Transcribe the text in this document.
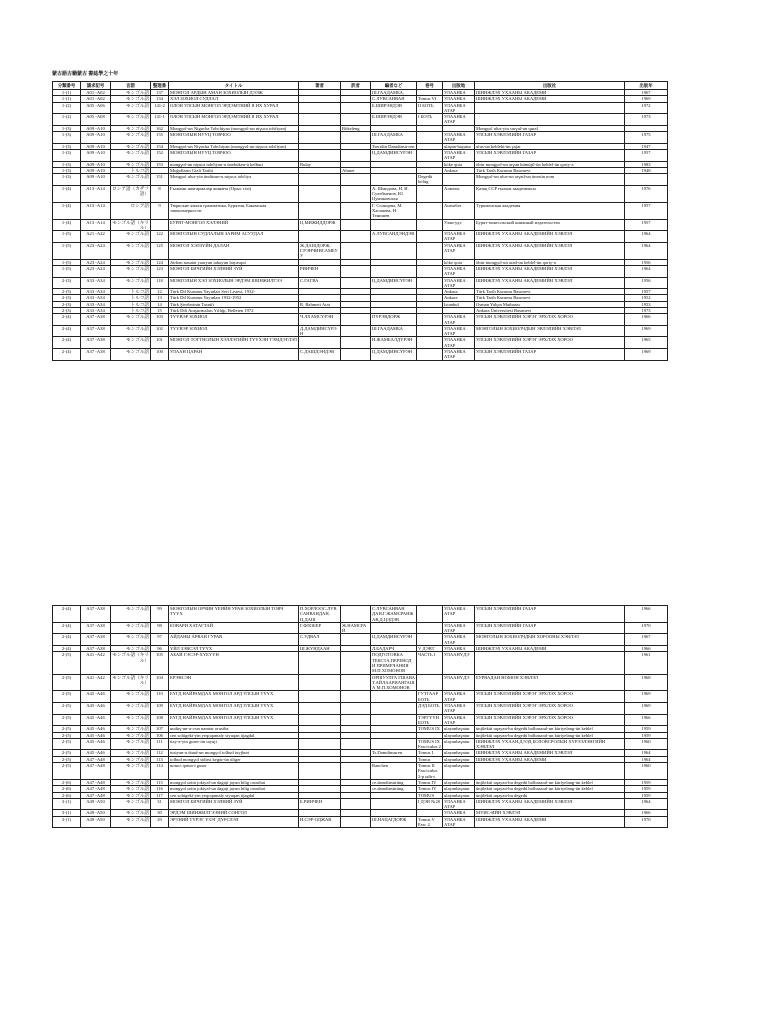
蒙古語古籍蒙古 書誌學之十年
分類番号	請求記号	言語	整理番	タイトル	著者	訳者	編者など	巻号	出版地	出版社	出版年
1-(1)	A01 -A02	モンゴル語	137	МОНГОЛ АРДЫН АМАН ЗОХИОЛЫН ДЭЭЖ			Ш.ГААДАМБА,		УЛААНБА	ШИНЖЛЭХ УХААНЫ АКАДЕМИ	1967
1-(1)	A01 -A02	モンゴル語	134	ХЭЛ ЗОХИОЛ СУДЛАЛ			С.ЛУВСАНВАН	Tomus VI	УЛААНБА	ШИНЖЛЭХ УХААНЫ АКАДЕМИ	1969
1-(2)	A05 -A06	モンゴル語	141-2	ОЛОН УЛСЫН МОНГОЛ ЭРДЭМТНИЙ II ИХ ХУРАЛ			Б.ШИРЭНДЭВ	II БОТЬ	УЛААНБА АТАР		1972
1-(2)	A05 -A08	モンゴル語	141-1	ОЛОН УЛСЫН МОНГОЛ ЭРДЭМТНИЙ II ИХ ХУРАЛ			Б.ШИРЭНДЭВ	I БОТЬ	УЛААНБА АТАР		1973
1-(3)	A09 -A10	モンゴル語	162	Mongγol-un Nigucha Tobchiyan (mongγol-un niγuca tobčiyan)		Bökeleng				Mongγol ulus-yin surγul-un qural	
1-(3)	A09 -A10	モンゴル語	155	МОНГОЛЫН НУУЦ ТОВЧОО			Ш.ГААДАМБА		УЛААНБА АТАР	УЛСЫН ХЭВЛЭЛИЙН ГАЗАР	1975
1-(3)	A09 -A10	モンゴル語	154	Mongγol-un Niγucha Tobchiyan (mongγol-un niγuca tobčiyan)			Tseridin Damdinsü-ren		ulaγan-baγatur	ulus-un keblelü-ün γajar	1947
1-(3)	A09 -A10	モンゴル語	152	МОНГОЛЫН НУУЦ ТОВЧОО			Ц.ДАМДИНСҮРЭН		УЛААНБА АТАР	УЛСЫН ХЭВЛЭЛИЙН ГАЗАР	1957
1-(3)	A09 -A10	モンゴル語	153	mongγol-un niγuca tobčiyan-u üneküken-ü kelburi	Bulay				köke qota	öbür mongγol-un arγun kümüjil-ün keblel-ün qoriy-a	1983
1-(3)	A09 -A10	トルコ語		Moğolların Gizli Tarihi		Ahmet			Ankara	Türk Tarih Kurumu Basımevi	1948
1-(3)	A09 -A10	モンゴル語	151	Mongγol ulus-yin ündüsun-u niγuca tobčiya				Degedü bölüg		Mongγol-un ulus-un arγad-un ünesün nom	
1-(4)	A13 -A14	ロシア語（カザフ語）	8	Ғылыми шығармалар жинағы (Орыс тілі)			А. Шмидова, Н. И. Сулейменов, Ю. Цумиковская		Алматы	Қазақ ССР ғылым академиясы	1976
1-(4)	A13 -A14	ロシア語	9	Тюркские языки грамматика, Бурятия, Бакинская закономерности			Г. Солнцева, М. Хасанова, Н. Тенишев		Ашхабат	Туркменская академия	1957
1-(4)	A13 -A14	モンゴル語（キリル）		БУРЯТ-МОНГОЛ ХЭЛЭНИЙ	Ц.МИЖИДДОРЖ				Улан-удэ	Бурят-монгольский книжный издательство	1957
1-(5)	A21 -A22	モンゴル語	122	МОНГОЛЫН СУДЛАЛЫН ЗАРИМ АСУУДАЛ			А.ЛУВСАНДЭНДЭВ		УЛААНБА АТАР	ШИНЖЛЭХ УХААНЫ АКАДЕМИЙН ХЭВЛЭЛ	1964
1-(5)	A23 -A24	モンゴル語	125	МОНГОЛ ХЭЛЗҮЙН ДАЛАН	Ж.ДАШДОРЖ, Г.РЭНЧИНСАМБУУ				УЛААНБА АТАР	ШИНЖЛЭХ УХААНЫ АКАДЕМИЙН ХЭВЛЭЛ	1964
1-(5)	A23 -A24	モンゴル語	124	Jiirban nasatai yaaryun tahuyun bayasqui					köke qota	öbür mongγol-un arad-un keblel-ün qoriy-a	1956
1-(5)	A23 -A24	モンゴル語	123	МОНГОЛ БИЧГИЙН ХЭЛНИЙ ЗҮЙ	РИНЧЕН				УЛААНБА АТАР	ШИНЖЛЭХ УХААНЫ АКАДЕМИЙН ХЭВЛЭЛ	1964
2-(3)	A33 -A34	モンゴル語	118	МОНГОЛЫН ХЭЛ ЗОХИОЛЫН ЭРДЭМ ШИНЖИЛГЭЭ	С.ГАГВА		Ц.ДАМДИНСҮРЭН		УЛААНБА АТАР	ШИНЖЛЭХ УХААНЫ АКАДЕМИЙН ХЭВЛЭЛ	1956
2-(3)	A33 -A34	トルコ語	12	Türk Dil Kurumu Yayınları Seri Listesi, 1932-					Ankara	Türk Tarih Kurumu Basımevi	1957
2-(3)	A33 -A34	トルコ語	13	Türk Dil Kurumu Yayınları 1932-1952					Ankara	Türk Tarih Kurumu Basımevi	1952
2-(3)	A33 -A34	トルコ語	14	Türk Şivelerinin Tasnifi	R. Rahmeti Arat				Istanbul	Osman Yalçın Matbaası	1953
2-(3)	A33 -A34	トルコ語	15	Türk Dili Araştırmaları Yıllığı, Belleten 1972						Ankara Üniversitesi Basımevi	1973
2-(4)	A37 -A38	モンゴル語	103	ТҮҮВЭР ЗОХИОЛ	Ч.ЛХАМСҮРЭН		ПҮРЭВДОРЖ		УЛААНБА АТАР	УЛСЫН ХЭВЛЭЛИЙН ХЭРЭГ ЭРХЛЭХ ХОРОО	1966
2-(4)	A37 -A38	モンゴル語	102	ТҮҮВЭР ЗОХИОЛ	Д.ДАМДИНСҮРЭН		Ш.ГААДАМБА		УЛААНБА АТАР	МОНГОЛЫН ЗОХИОЛЧДЫН ЭВЛЭЛИЙН ХЭВЛЭЛ	1969
2-(4)	A37 -A38	モンゴル語	101	МОНГОЛ ТОГТНОЛЫН ХЭЛЛЭГИЙН ТҮҮХЭН ТЭМДЭГЛЭЛ			Н.ЖАМБАЛДҮРЭН		УЛААНБА АТАР	УЛСЫН ХЭВЛЭЛИЙН ХЭРЭГ ЭРХЛЭХ ХОРОО	1965
2-(4)	A37 -A38	モンゴル語	100	УЛААН ЦАРАН	С.ДАШДЭНДЭВ		Ц.ДАМДИНСҮРЭН		УЛААНБА АТАР	УЛСЫН ХЭВЛЭЛИЙН ГАЗАР	1969
2-(4)	A37 -A38	モンゴル語	99	МОНГОЛЫН ОРЧИН ҮЕИЙН УРАН ЗОХИОЛЫН ТОВЧ ТҮҮХ	П.ХОРЛООС.ЛУВСАНВАНДАН, Ц.ДАШ		С.ЛУВСАНВАН ДАН,Г.ЖАМСРАНЖАВ,Д.ЦЭДЭВ		УЛААНБА АТАР	УЛСЫН ХЭВЛЭЛИЙН ГАЗАР	1966
2-(4)	A37 -A38	モンゴル語	98	БОВАРИ ХАТАГТАЙ	Г.ФЛОБЕР	Ж.НАМСРАЙ			УЛААНБА АТАР	УЛСЫН ХЭВЛЭЛИЙН ГАЗАР	1970
2-(4)	A37 -A38	モンゴル語	97	АЙДАНЫ АРВАН ГУРАВ	С.УДВАЛ		Ц.ДАМДИНСҮРЭН		УЛААНБА АТАР	МОНГОЛЫН ЗОХИОЛЧДЫН ХОРООНЫ ХЭВЛЭЛ	1967
2-(4)	A37 -A38	モンゴル語	96	ҮЙЛ ЗЭВСЭЛ ТҮҮХ	Ш.ЖҮНДААН		Л.БАДАРЧ	V ДЭВТ	УЛААНБА	ШИНЖЛЭХ УХААНЫ АКАДЕМИ	1966
2-(5)	A41 -A42	モンゴル語（キリル）	105	АБАЙ ГЭСЭР-ХҮБҮҮН			ПОДГОТОВКА ТЕКСТА,ПЕРЕВОД И ПРИМЕЧАНИЯ М.П.ХОМОНОВ	ЧАСТЬ I	УЛААНҮДЭ		1961
2-(5)	A41 -A42	モンゴル語（キリル）	104	ЕРЭНСЭН			ОРШУУЛГА ГШАВА Т.АЙЛААРИАНГАША М.П.ХОМОНОВ		УЛААНҮДЭ	БУРЯАДАН НОМОН ХЭВЛЭЛ	1968
2-(5)	A45 -A46	モンゴル語	110	БҮГД НАЙРАМДАХ МОНГОЛ АРД УЛСЫН ТҮҮХ				ГУТГААР БОТЬ	УЛААНБА АТАР	УЛСЫН ХЭВЛЭЛИЙН ХЭРЭГ ЭРХЛЭХ ХОРОО	1969
2-(5)	A45 -A46	モンゴル語	109	БҮГД НАЙРАМДАХ МОНГОЛ АРД УЛСЫН ТҮҮХ				ДЭД БОТЬ	УЛААНБА АТАР	УЛСЫН ХЭВЛЭЛИЙН ХЭРЭГ ЭРХЛЭХ ХОРОО	1969
2-(5)	A45 -A46	モンゴル語	108	БҮГД НАЙРАМДАХ МОНГОЛ АРД УЛСЫН ТҮҮХ				ТЭРГҮҮН БОТЬ	УЛААНБА АТАР	УЛСЫН ХЭВЛЭЛИЙН ХЭРЭГ ЭРХЛЭХ ХОРОО	1966
2-(5)	A45 -A46	モンゴル語	107	uuduγ-un-a-ı-un namtar orusiba				TOMUS IX	ulayanbaγatur	ünjileküi uqayan-bu degedü bolbasaral-un küriyelang-ün keblel	1959
2-(5)	A45 -A46	モンゴル語	106	cen sohigeki-yin yeqoqamaly siyuqan iijagdal					ulayanbaγatur	ünjileküi uqayan-bu degedü bolbasaral-un küriyelang-ün keblel	1959
2-(5)	A45 -A46	モンゴル語	111	itay-a-yin guser-iin tayuji				TOMUS IX Fasciculus 2	ulayanbaγatur	ШИНЖЛЭХ УХААН,ДЭЭД БОЛОВСРОЛЫН ХҮРЭЭЛЭНГИЙН ХЭВЛЭЛ	1960
2-(5)	A45 -A46	モンゴル語	112	tusiyan-u duud-un mongγol tolbud tuyjburi			Ts.Damdinsuren	Tomus I	ulayanbaγatur	ШИНЖЛЭХ УХААНЫ АКАДЕМИЙН ХЭВЛЭЛ	1964
2-(5)	A47 -A48	モンゴル語	113	tolbud mongγol sidirsi kegür-ün üliger				Tomus	ulayanbaγatur	ШИНЖЛЭХ УХААНЫ АКАДЕМИ	1964
2-(5)	A47 -A48	モンゴル語	114	nomci qatun-i guser			Ranchen	Tomus II Fasciculus 2-p ыйгэ	ulayanbaγatur		1960
2-(6)	A47 -A48	モンゴル語	115	mongγol urtin jokiyal-un dagaji jayun bilig orusibai			ce.damdinsürüng	Tomus IV	ulayanbaγatur	ünjileküi uqayan-bu degedü bolbasaral-un küriyelang-ün keblel	1959
2-(6)	A47 -A48	モンゴル語	116	mongγol urtin jokiyal-un dagaji jayun bilig orusibai			ce.damdinsürüng	Tomus IV	ulayanbaγatur	ünjileküi uqayan-bu degedü bolbasaral-un küriyelang-ün keblel	1959
2-(6)	A47 -A48	モンゴル語	117	cen sohigeki-yin yeqoqamaly siyuqan iijagdal				TOMUS	ulayanbaγatur	ünjileküi uqayan-bu degedü	1959
3-(1)	A49 -A50	モンゴル語	31	МОНГОЛ БИЧГИЙН ХЭЛНИЙ ЗҮЙ	Б.РИНЧЕН			I ДЭВ №20	УЛААНБА АТАР	ШИНЖЛЭХ УХААНЫ АКАДЕМИЙН ХЭВЛЭЛ	1964
3-(1)	A49 -A50	モンゴル語	30	ЭРДЭМ ШИНЖИЛГЭЭНИЙ СОНГОЛ					УЛААНБА	МУИС-ИЙН ХЭВЛЭЛ	1966
3-(1)	A49 -A50	モンゴル語	29	ЭРТНИЙ ТҮРЭГ ҮЗЭГ ДҮРСЛЭЛ	Н.СЭР-ОДЖАВ		Ш.НАЦАГДОРЖ	Tomus V Fasc 2	УЛААНБА АТАР	ШИНЖЛЭХ УХААНЫ АКАДЕМИ	1970
